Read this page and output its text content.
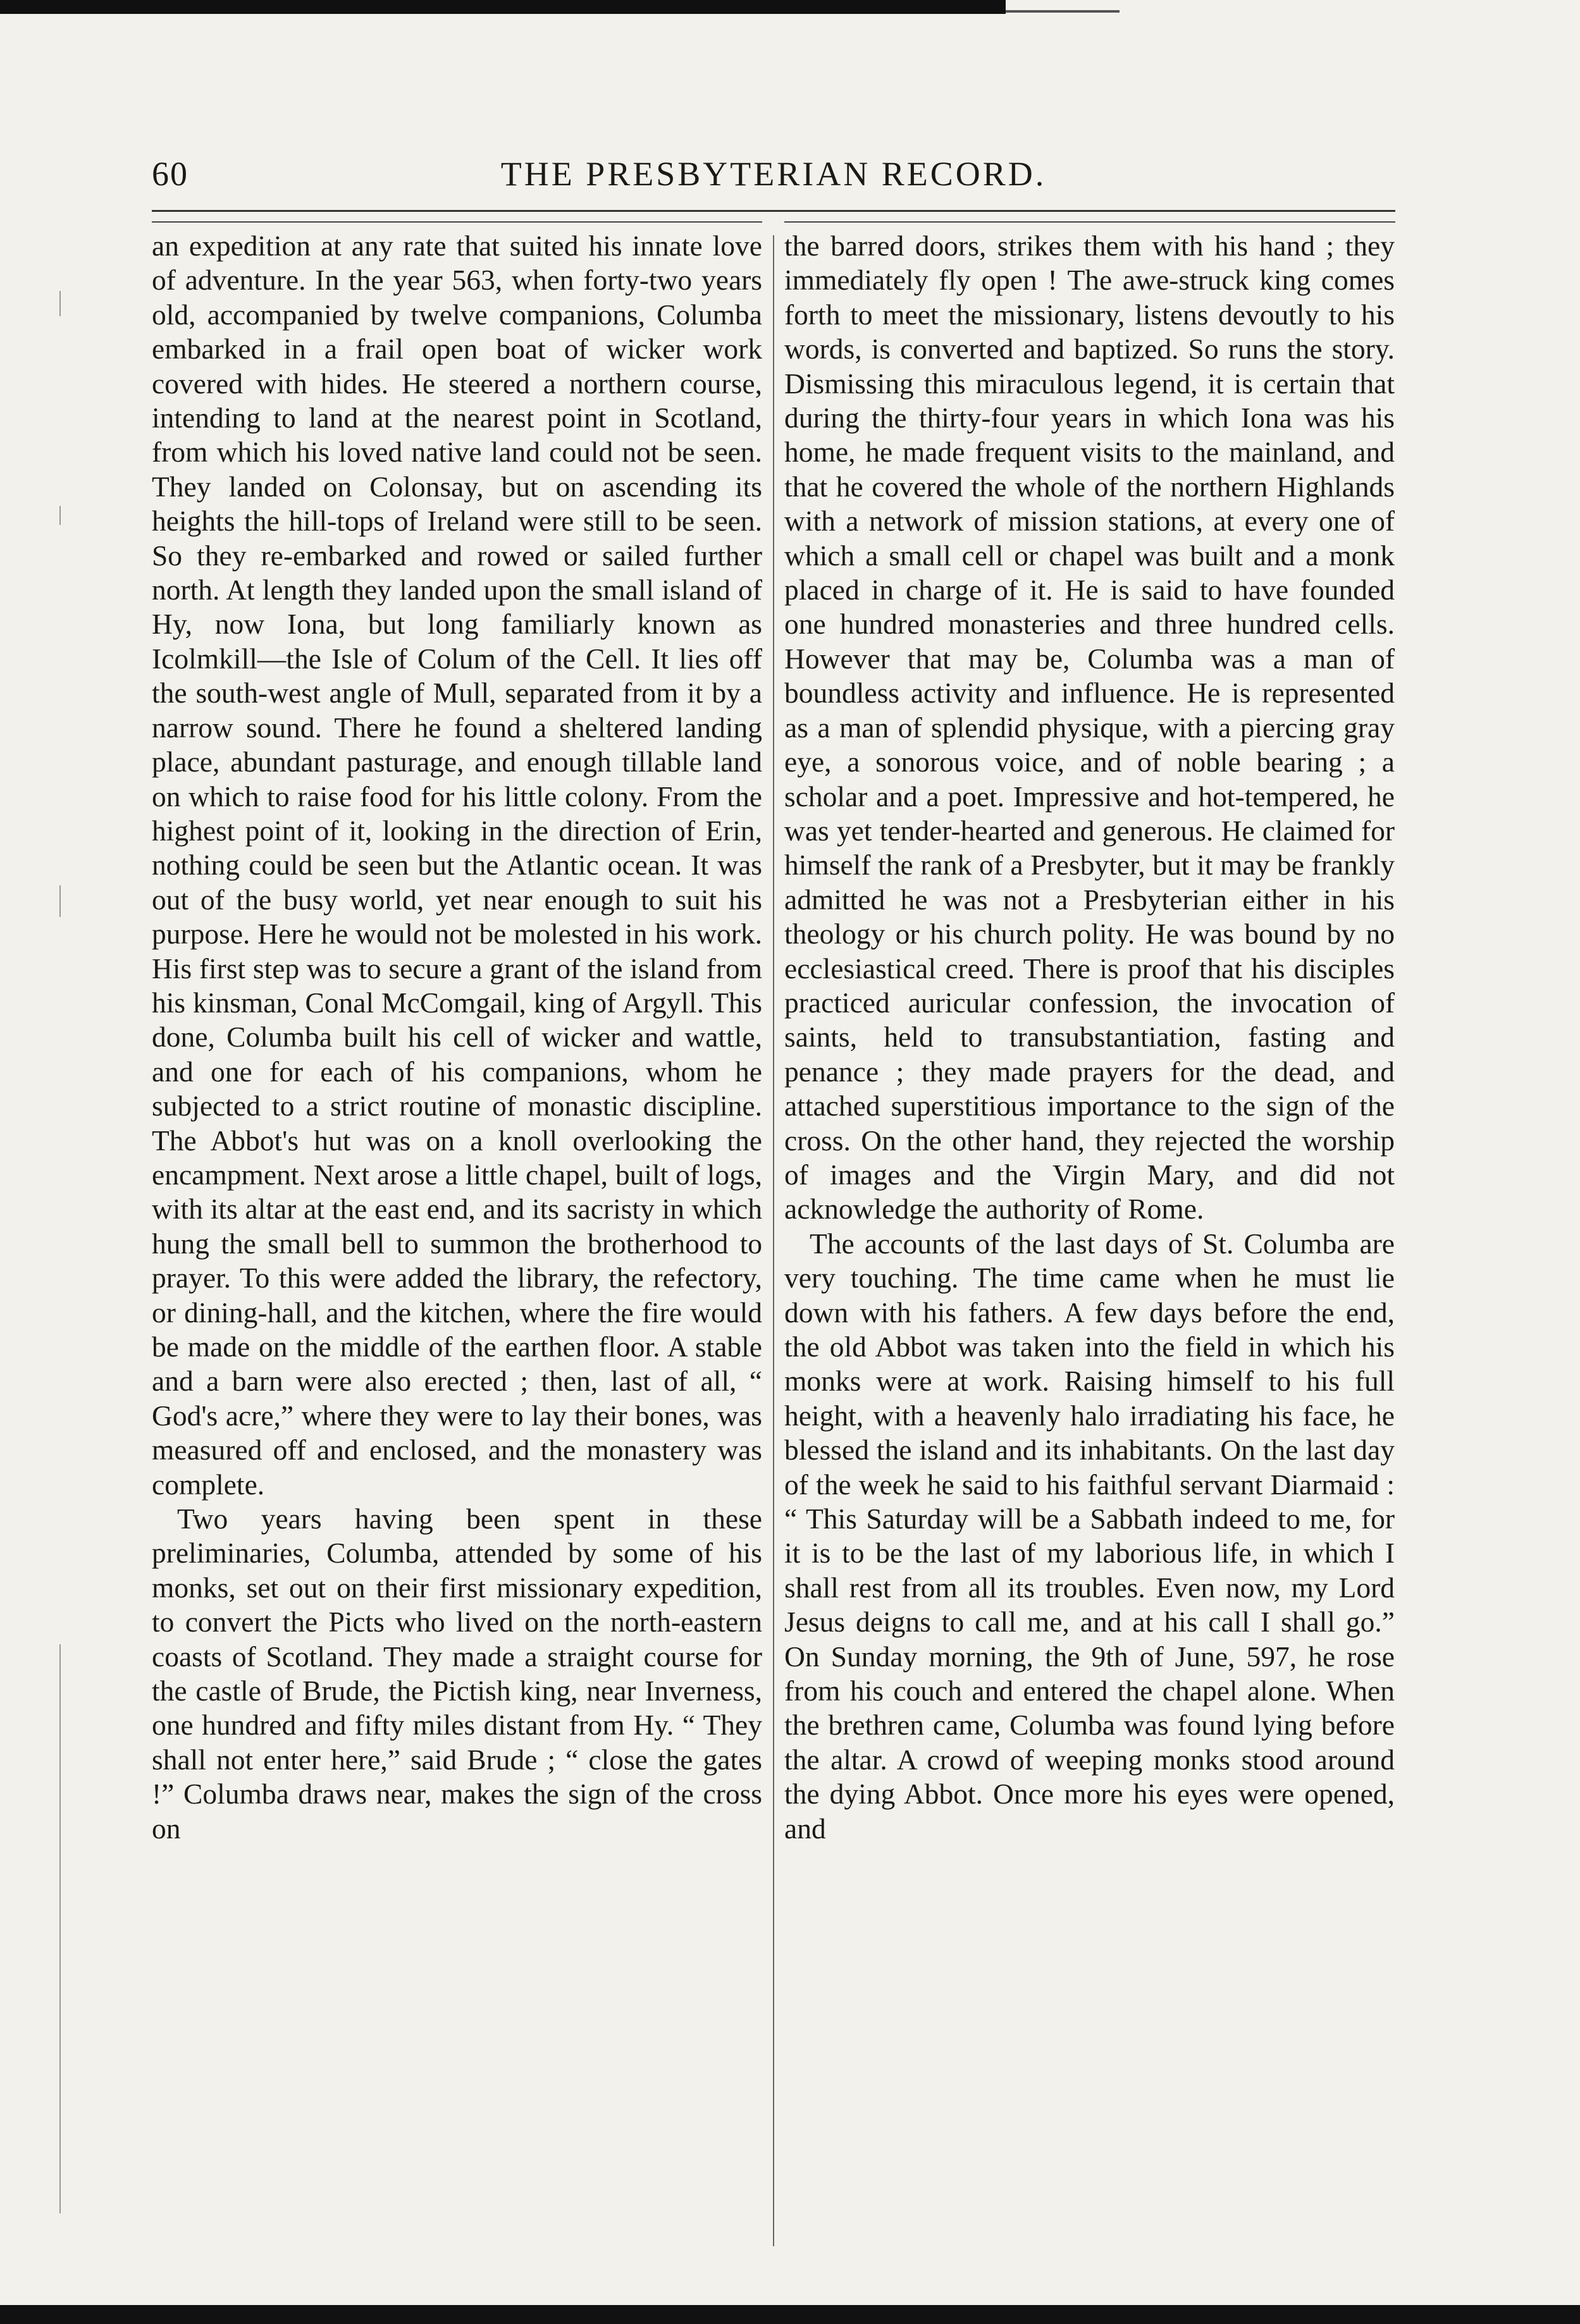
60	THE PRESBYTERIAN RECORD.

an expedition at any rate that suited his innate love of adventure. In the year 563, when forty-two years old, accompanied by twelve companions, Columba embarked in a frail open boat of wicker work covered with hides. He steered a northern course, intending to land at the nearest point in Scotland, from which his loved native land could not be seen. They landed on Colonsay, but on ascending its heights the hill-tops of Ireland were still to be seen. So they re-embarked and rowed or sailed further north. At length they landed upon the small island of Hy, now Iona, but long familiarly known as Icolmkill—the Isle of Colum of the Cell. It lies off the south-west angle of Mull, separated from it by a narrow sound. There he found a sheltered landing place, abundant pasturage, and enough tillable land on which to raise food for his little colony. From the highest point of it, looking in the direction of Erin, nothing could be seen but the Atlantic ocean. It was out of the busy world, yet near enough to suit his purpose. Here he would not be molested in his work. His first step was to secure a grant of the island from his kinsman, Conal McComgail, king of Argyll. This done, Columba built his cell of wicker and wattle, and one for each of his companions, whom he subjected to a strict routine of monastic discipline. The Abbot's hut was on a knoll overlooking the encampment. Next arose a little chapel, built of logs, with its altar at the east end, and its sacristy in which hung the small bell to summon the brotherhood to prayer. To this were added the library, the refectory, or dining-hall, and the kitchen, where the fire would be made on the middle of the earthen floor. A stable and a barn were also erected ; then, last of all, “ God's acre,” where they were to lay their bones, was measured off and enclosed, and the monastery was complete.

Two years having been spent in these preliminaries, Columba, attended by some of his monks, set out on their first missionary expedition, to convert the Picts who lived on the north-eastern coasts of Scotland. They made a straight course for the castle of Brude, the Pictish king, near Inverness, one hundred and fifty miles distant from Hy. “ They shall not enter here,” said Brude ; “ close the gates !” Columba draws near, makes the sign of the cross on

the barred doors, strikes them with his hand ; they immediately fly open ! The awe-struck king comes forth to meet the missionary, listens devoutly to his words, is converted and baptized. So runs the story. Dismissing this miraculous legend, it is certain that during the thirty-four years in which Iona was his home, he made frequent visits to the mainland, and that he covered the whole of the northern Highlands with a network of mission stations, at every one of which a small cell or chapel was built and a monk placed in charge of it. He is said to have founded one hundred monasteries and three hundred cells. However that may be, Columba was a man of boundless activity and influence. He is represented as a man of splendid physique, with a piercing gray eye, a sonorous voice, and of noble bearing ; a scholar and a poet. Impressive and hot-tempered, he was yet tender-hearted and generous. He claimed for himself the rank of a Presbyter, but it may be frankly admitted he was not a Presbyterian either in his theology or his church polity. He was bound by no ecclesiastical creed. There is proof that his disciples practiced auricular confession, the invocation of saints, held to transubstantiation, fasting and penance ; they made prayers for the dead, and attached superstitious importance to the sign of the cross. On the other hand, they rejected the worship of images and the Virgin Mary, and did not acknowledge the authority of Rome.

The accounts of the last days of St. Columba are very touching. The time came when he must lie down with his fathers. A few days before the end, the old Abbot was taken into the field in which his monks were at work. Raising himself to his full height, with a heavenly halo irradiating his face, he blessed the island and its inhabitants. On the last day of the week he said to his faithful servant Diarmaid : “ This Saturday will be a Sabbath indeed to me, for it is to be the last of my laborious life, in which I shall rest from all its troubles. Even now, my Lord Jesus deigns to call me, and at his call I shall go.” On Sunday morning, the 9th of June, 597, he rose from his couch and entered the chapel alone. When the brethren came, Columba was found lying before the altar. A crowd of weeping monks stood around the dying Abbot. Once more his eyes were opened, and
